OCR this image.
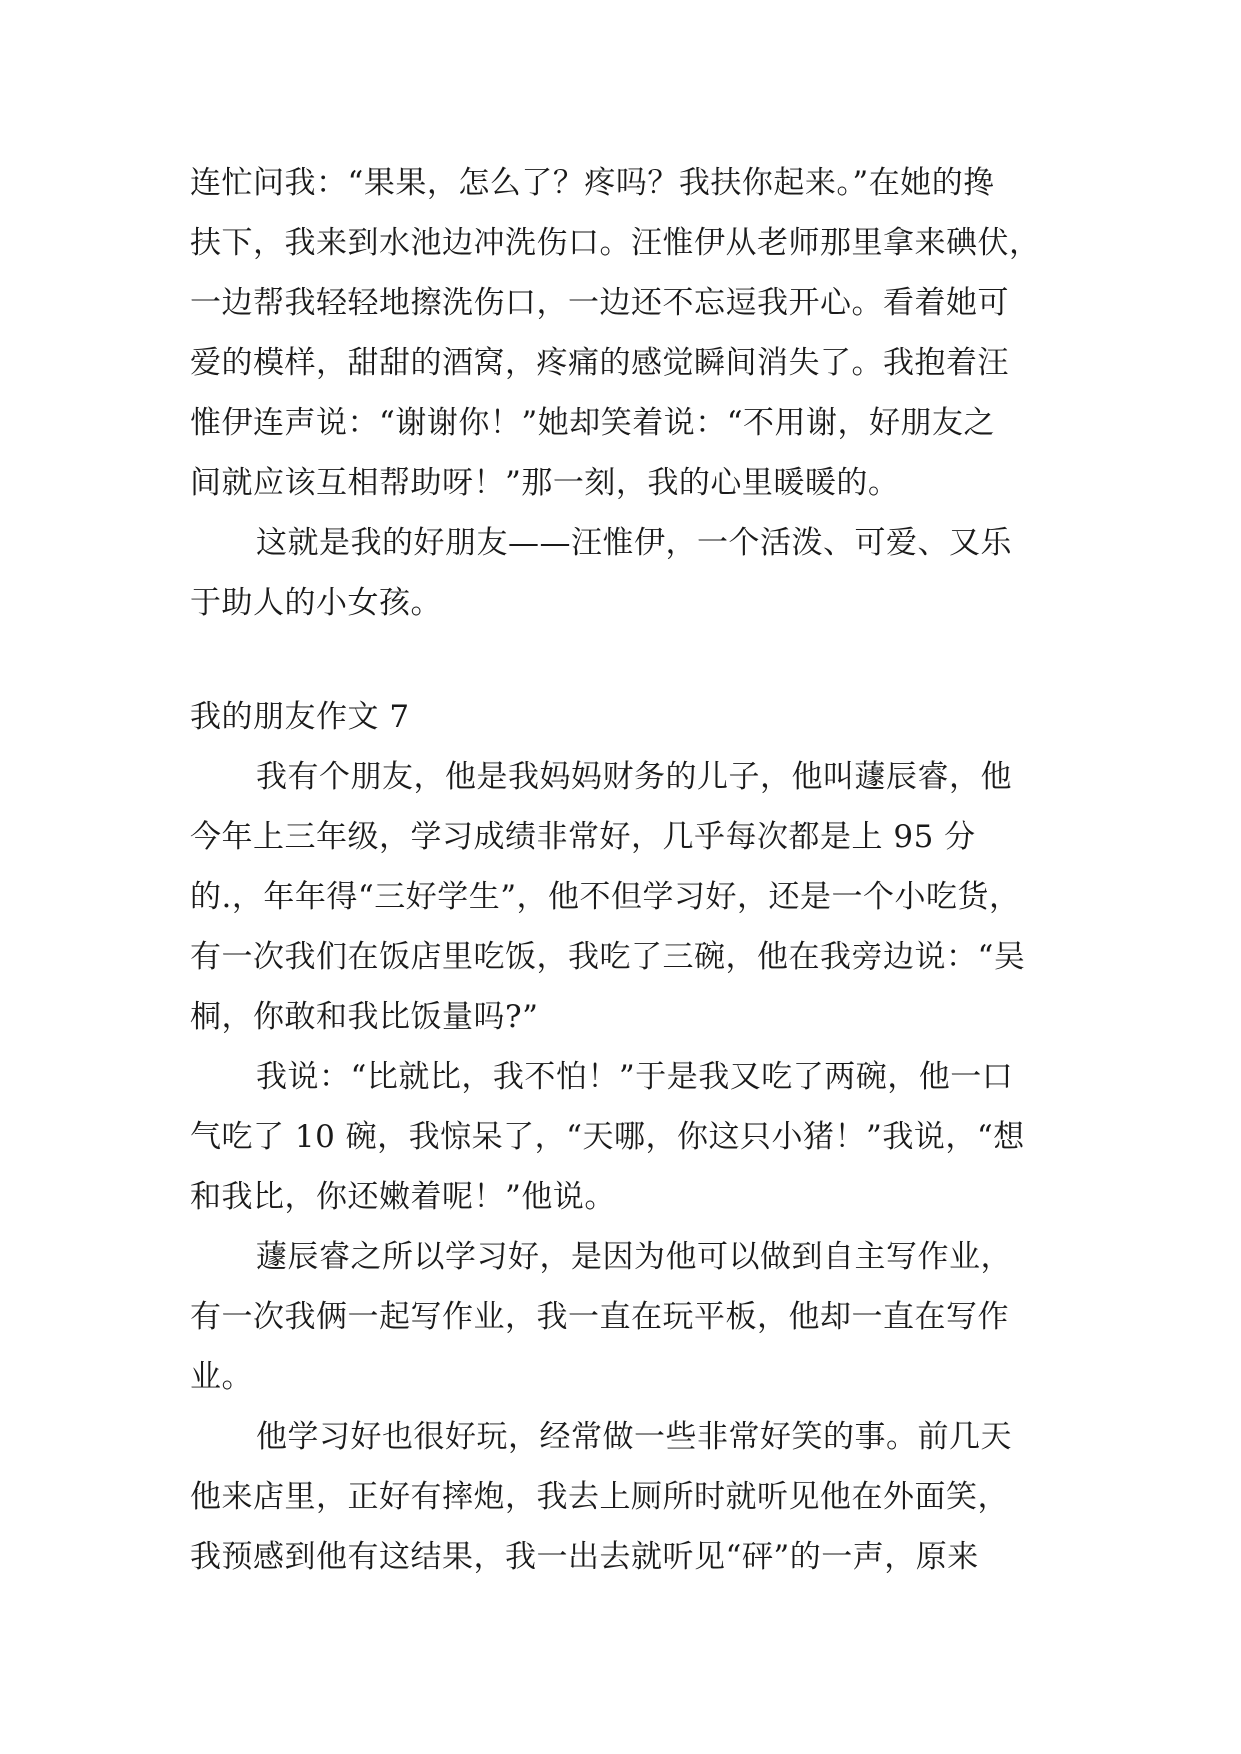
连忙问我：“果果，怎么了？疼吗？我扶你起来。”在她的搀
扶下，我来到水池边冲洗伤口。汪惟伊从老师那里拿来碘伏，
一边帮我轻轻地擦洗伤口，一边还不忘逗我开心。看着她可
爱的模样，甜甜的酒窝，疼痛的感觉瞬间消失了。我抱着汪
惟伊连声说：“谢谢你！”她却笑着说：“不用谢，好朋友之
间就应该互相帮助呀！”那一刻，我的心里暖暖的。
这就是我的好朋友——汪惟伊，一个活泼、可爱、又乐
于助人的小女孩。
我的朋友作文 7
我有个朋友，他是我妈妈财务的儿子，他叫蘧辰睿，他
今年上三年级，学习成绩非常好，几乎每次都是上 95 分
的.，年年得“三好学生”，他不但学习好，还是一个小吃货，
有一次我们在饭店里吃饭，我吃了三碗，他在我旁边说：“吴
桐，你敢和我比饭量吗?”
我说：“比就比，我不怕！”于是我又吃了两碗，他一口
气吃了 10 碗，我惊呆了，“天哪，你这只小猪！”我说，“想
和我比，你还嫩着呢！”他说。
蘧辰睿之所以学习好，是因为他可以做到自主写作业，
有一次我俩一起写作业，我一直在玩平板，他却一直在写作
业。
他学习好也很好玩，经常做一些非常好笑的事。前几天
他来店里，正好有摔炮，我去上厕所时就听见他在外面笑，
我预感到他有这结果，我一出去就听见“砰”的一声，原来
